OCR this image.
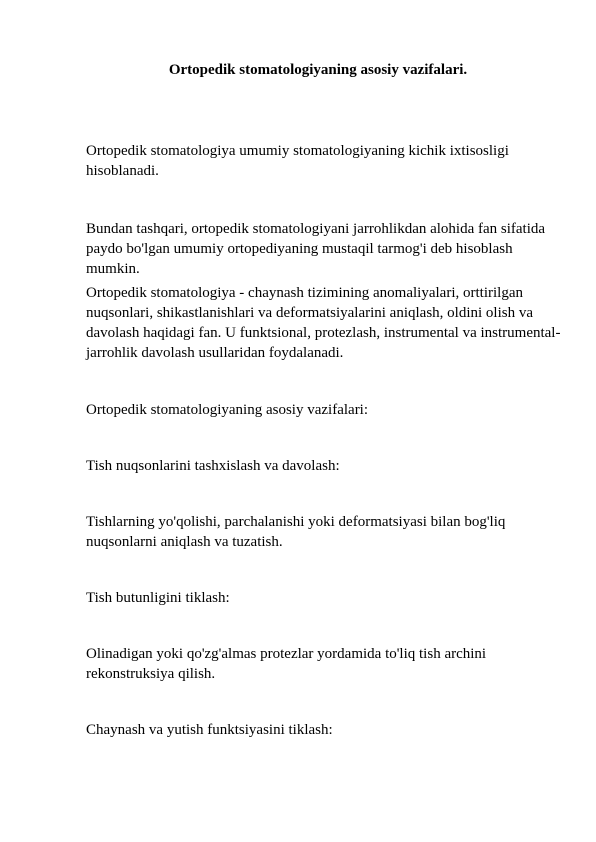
Ortopedik stomatologiyaning asosiy vazifalari.

Ortopedik stomatologiya umumiy stomatologiyaning kichik ixtisosligi hisoblanadi.

Bundan tashqari, ortopedik stomatologiyani jarrohlikdan alohida fan sifatida paydo bo'lgan umumiy ortopediyaning mustaqil tarmog'i deb hisoblash mumkin.

Ortopedik stomatologiya - chaynash tizimining anomaliyalari, orttirilgan nuqsonlari, shikastlanishlari va deformatsiyalarini aniqlash, oldini olish va davolash haqidagi fan. U funktsional, protezlash, instrumental va instrumental-jarrohlik davolash usullaridan foydalanadi.

Ortopedik stomatologiyaning asosiy vazifalari:

Tish nuqsonlarini tashxislash va davolash:

Tishlarning yo'qolishi, parchalanishi yoki deformatsiyasi bilan bog'liq nuqsonlarni aniqlash va tuzatish.

Tish butunligini tiklash:

Olinadigan yoki qo'zg'almas protezlar yordamida to'liq tish archini rekonstruksiya qilish.

Chaynash va yutish funktsiyasini tiklash:
